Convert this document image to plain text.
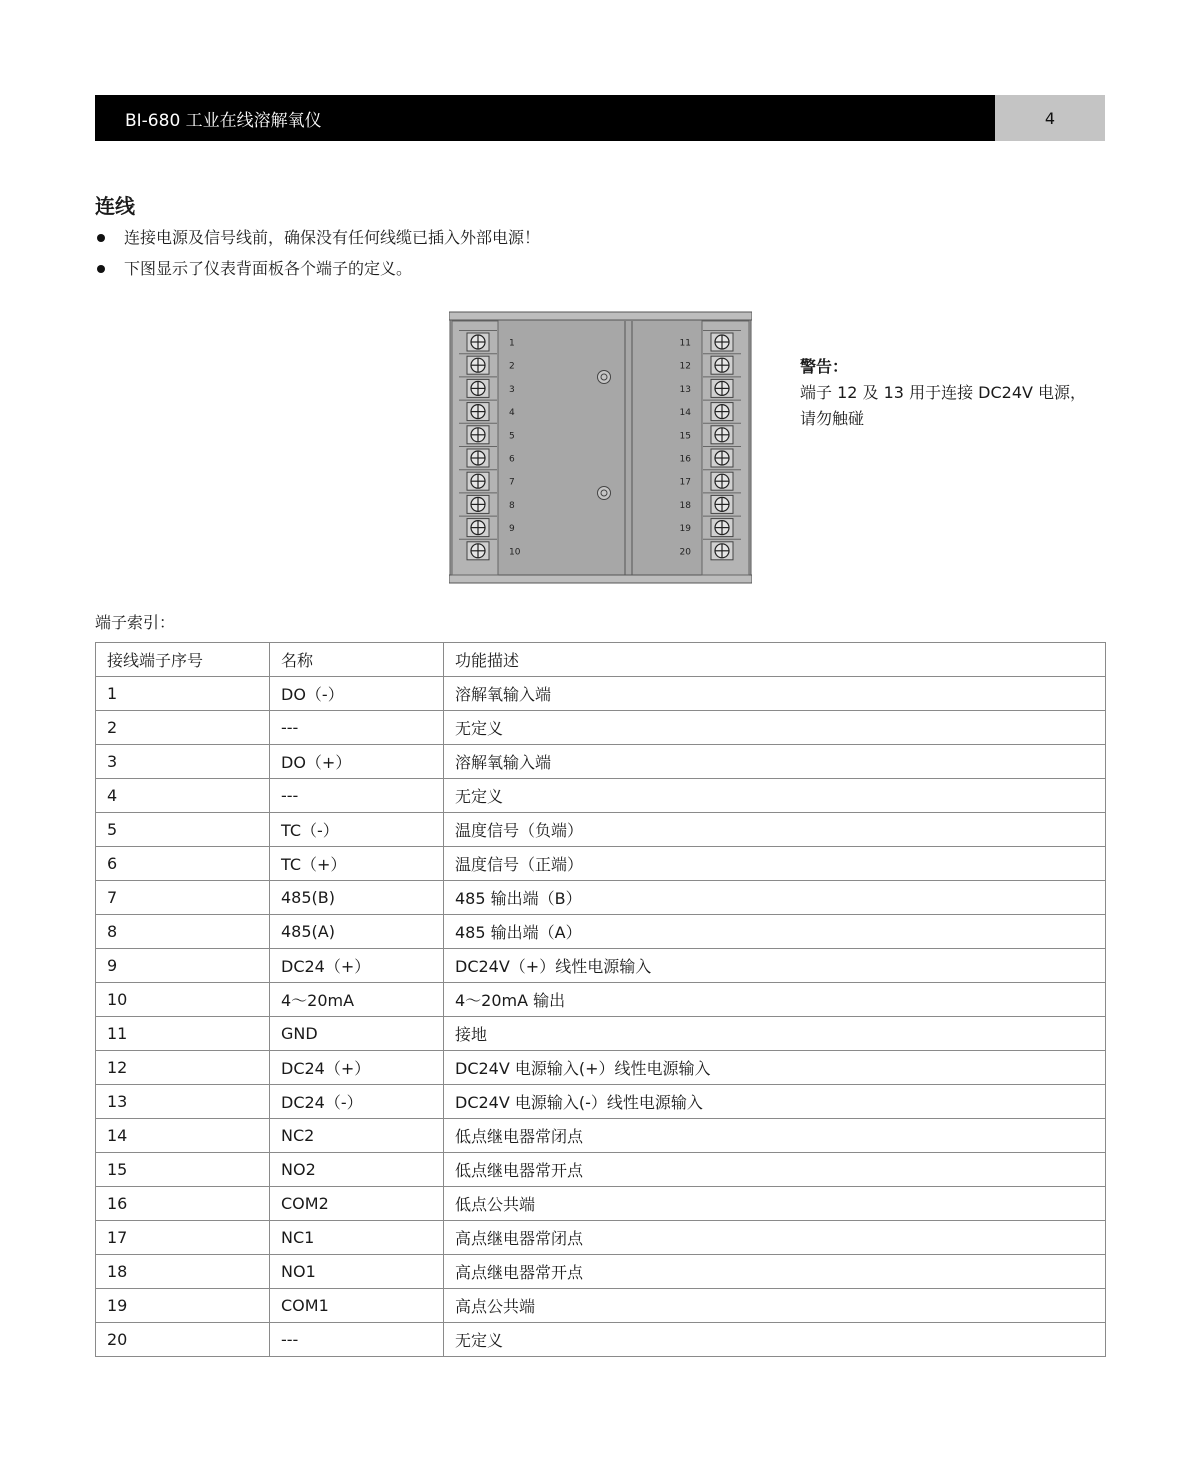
BI-680 工业在线溶解氧仪	4
连线
连接电源及信号线前，确保没有任何线缆已插入外部电源！
下图显示了仪表背面板各个端子的定义。
1
2
3
4
5
6
7
8
9
10
11
12
13
14
15
16
17
18
19
20
警告：
端子 12 及 13 用于连接 DC24V 电源，
请勿触碰
端子索引：
接线端子序号	名称	功能描述
1	DO（-）	溶解氧输入端
2	---	无定义
3	DO（+）	溶解氧输入端
4	---	无定义
5	TC（-）	温度信号（负端）
6	TC（+）	温度信号（正端）
7	485(B)	485 输出端（B）
8	485(A)	485 输出端（A）
9	DC24（+）	DC24V（+）线性电源输入
10	4～20mA	4～20mA 输出
11	GND	接地
12	DC24（+）	DC24V 电源输入(+）线性电源输入
13	DC24（-）	DC24V 电源输入(-）线性电源输入
14	NC2	低点继电器常闭点
15	NO2	低点继电器常开点
16	COM2	低点公共端
17	NC1	高点继电器常闭点
18	NO1	高点继电器常开点
19	COM1	高点公共端
20	---	无定义
